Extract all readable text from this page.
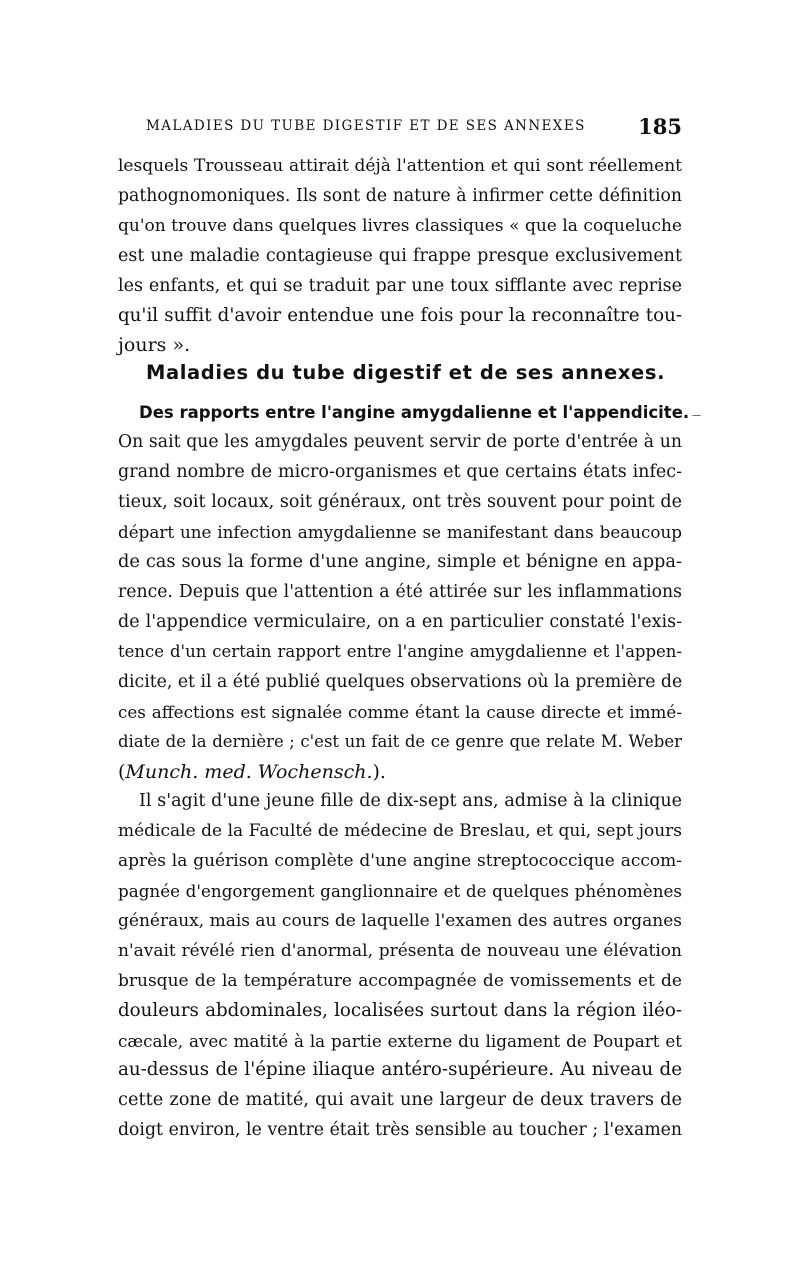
MALADIES DU TUBE DIGESTIF ET DE SES ANNEXES 185
lesquels Trousseau attirait déjà l'attention et qui sont réellement
pathognomoniques. Ils sont de nature à infirmer cette définition
qu'on trouve dans quelques livres classiques « que la coqueluche
est une maladie contagieuse qui frappe presque exclusivement
les enfants, et qui se traduit par une toux sifflante avec reprise
qu'il suffit d'avoir entendue une fois pour la reconnaître tou-
jours ».
Maladies du tube digestif et de ses annexes.
Des rapports entre l'angine amygdalienne et l'appendicite. —
On sait que les amygdales peuvent servir de porte d'entrée à un
grand nombre de micro-organismes et que certains états infec-
tieux, soit locaux, soit généraux, ont très souvent pour point de
départ une infection amygdalienne se manifestant dans beaucoup
de cas sous la forme d'une angine, simple et bénigne en appa-
rence. Depuis que l'attention a été attirée sur les inflammations
de l'appendice vermiculaire, on a en particulier constaté l'exis-
tence d'un certain rapport entre l'angine amygdalienne et l'appen-
dicite, et il a été publié quelques observations où la première de
ces affections est signalée comme étant la cause directe et immé-
diate de la dernière ; c'est un fait de ce genre que relate M. Weber
(Munch. med. Wochensch.).
Il s'agit d'une jeune fille de dix-sept ans, admise à la clinique
médicale de la Faculté de médecine de Breslau, et qui, sept jours
après la guérison complète d'une angine streptococcique accom-
pagnée d'engorgement ganglionnaire et de quelques phénomènes
généraux, mais au cours de laquelle l'examen des autres organes
n'avait révélé rien d'anormal, présenta de nouveau une élévation
brusque de la température accompagnée de vomissements et de
douleurs abdominales, localisées surtout dans la région iléo-
cæcale, avec matité à la partie externe du ligament de Poupart et
au-dessus de l'épine iliaque antéro-supérieure. Au niveau de
cette zone de matité, qui avait une largeur de deux travers de
doigt environ, le ventre était très sensible au toucher ; l'examen
